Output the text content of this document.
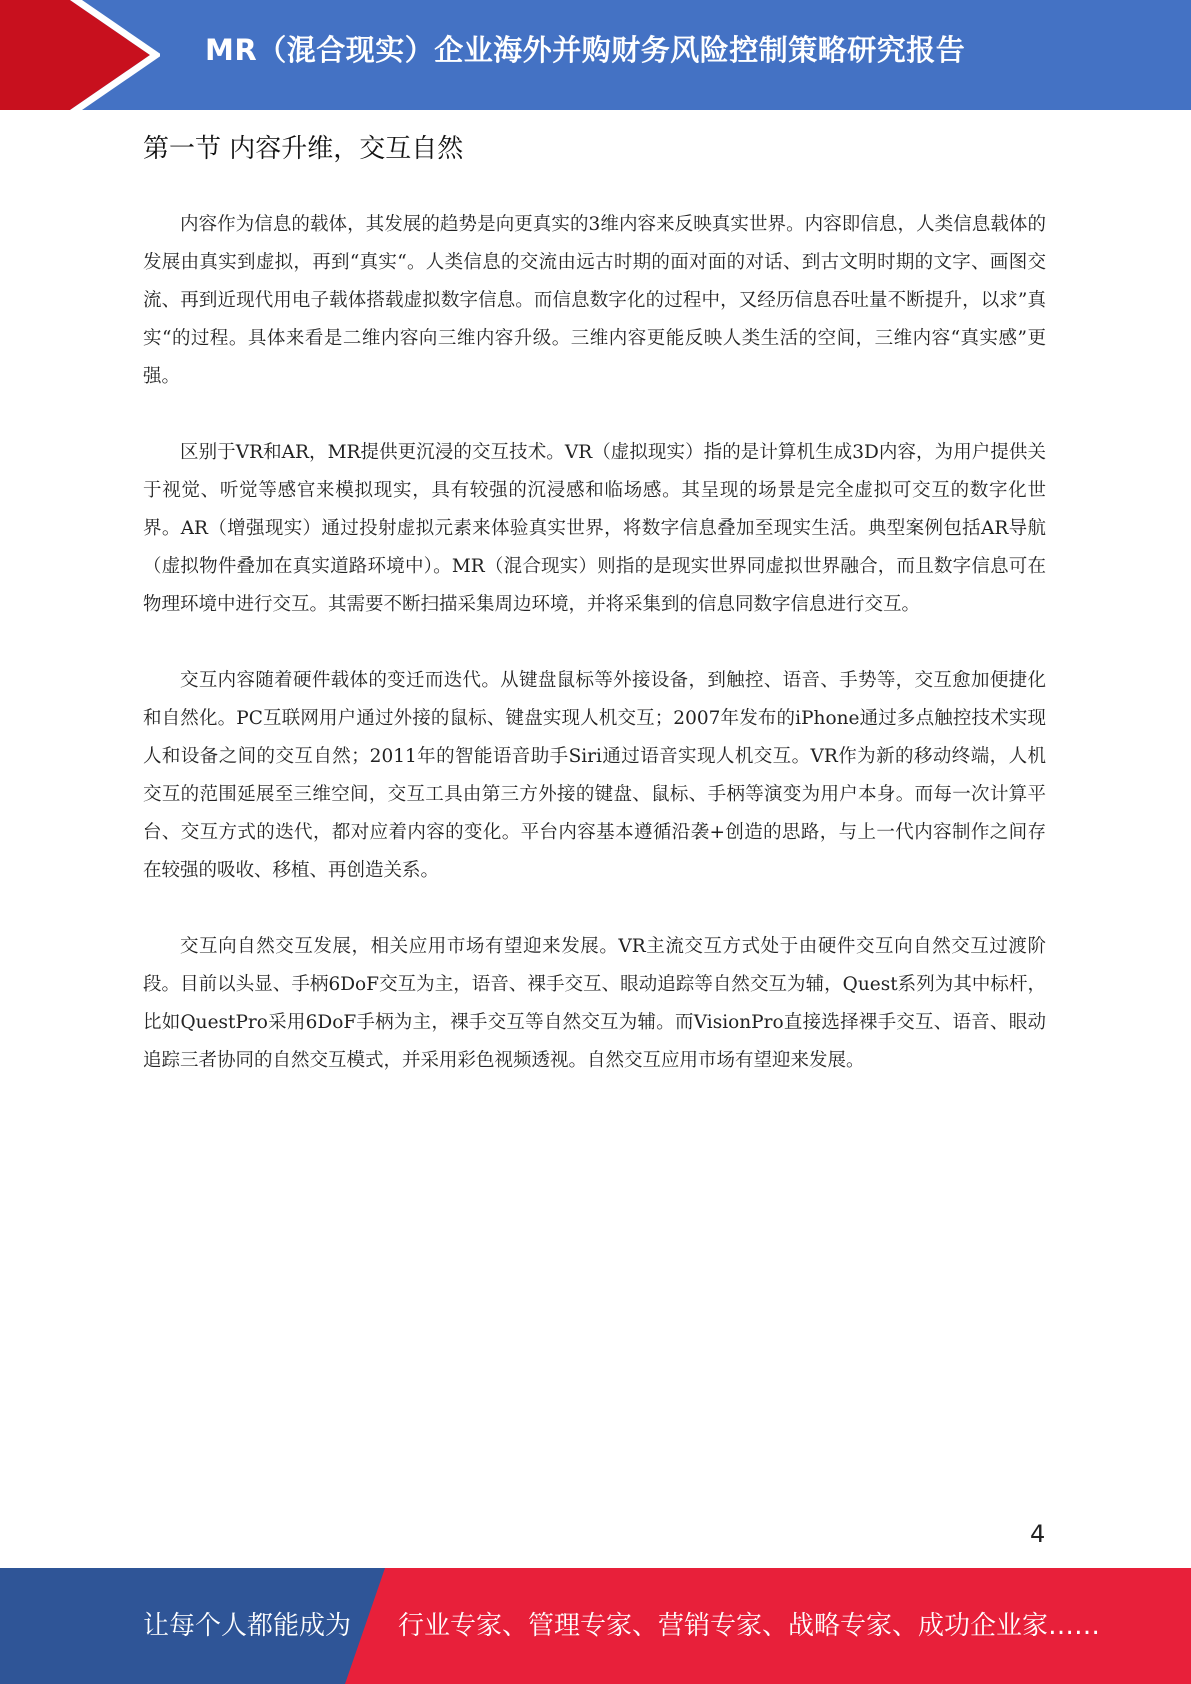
MR（混合现实）企业海外并购财务风险控制策略研究报告
第一节 内容升维，交互自然

内容作为信息的载体，其发展的趋势是向更真实的3维内容来反映真实世界。内容即信息，人类信息载体的发展由真实到虚拟，再到“真实“。人类信息的交流由远古时期的面对面的对话、到古文明时期的文字、画图交流、再到近现代用电子载体搭载虚拟数字信息。而信息数字化的过程中，又经历信息吞吐量不断提升，以求”真实“的过程。具体来看是二维内容向三维内容升级。三维内容更能反映人类生活的空间，三维内容“真实感”更强。

区别于VR和AR，MR提供更沉浸的交互技术。VR（虚拟现实）指的是计算机生成3D内容，为用户提供关于视觉、听觉等感官来模拟现实，具有较强的沉浸感和临场感。其呈现的场景是完全虚拟可交互的数字化世界。AR（增强现实）通过投射虚拟元素来体验真实世界，将数字信息叠加至现实生活。典型案例包括AR导航（虚拟物件叠加在真实道路环境中）。MR（混合现实）则指的是现实世界同虚拟世界融合，而且数字信息可在物理环境中进行交互。其需要不断扫描采集周边环境，并将采集到的信息同数字信息进行交互。

交互内容随着硬件载体的变迁而迭代。从键盘鼠标等外接设备，到触控、语音、手势等，交互愈加便捷化和自然化。PC互联网用户通过外接的鼠标、键盘实现人机交互；2007年发布的iPhone通过多点触控技术实现人和设备之间的交互自然；2011年的智能语音助手Siri通过语音实现人机交互。VR作为新的移动终端，人机交互的范围延展至三维空间，交互工具由第三方外接的键盘、鼠标、手柄等演变为用户本身。而每一次计算平台、交互方式的迭代，都对应着内容的变化。平台内容基本遵循沿袭+创造的思路，与上一代内容制作之间存在较强的吸收、移植、再创造关系。

交互向自然交互发展，相关应用市场有望迎来发展。VR主流交互方式处于由硬件交互向自然交互过渡阶段。目前以头显、手柄6DoF交互为主，语音、裸手交互、眼动追踪等自然交互为辅，Quest系列为其中标杆，比如QuestPro采用6DoF手柄为主，裸手交互等自然交互为辅。而VisionPro直接选择裸手交互、语音、眼动追踪三者协同的自然交互模式，并采用彩色视频透视。自然交互应用市场有望迎来发展。

4
让每个人都能成为 行业专家、管理专家、营销专家、战略专家、成功企业家……
